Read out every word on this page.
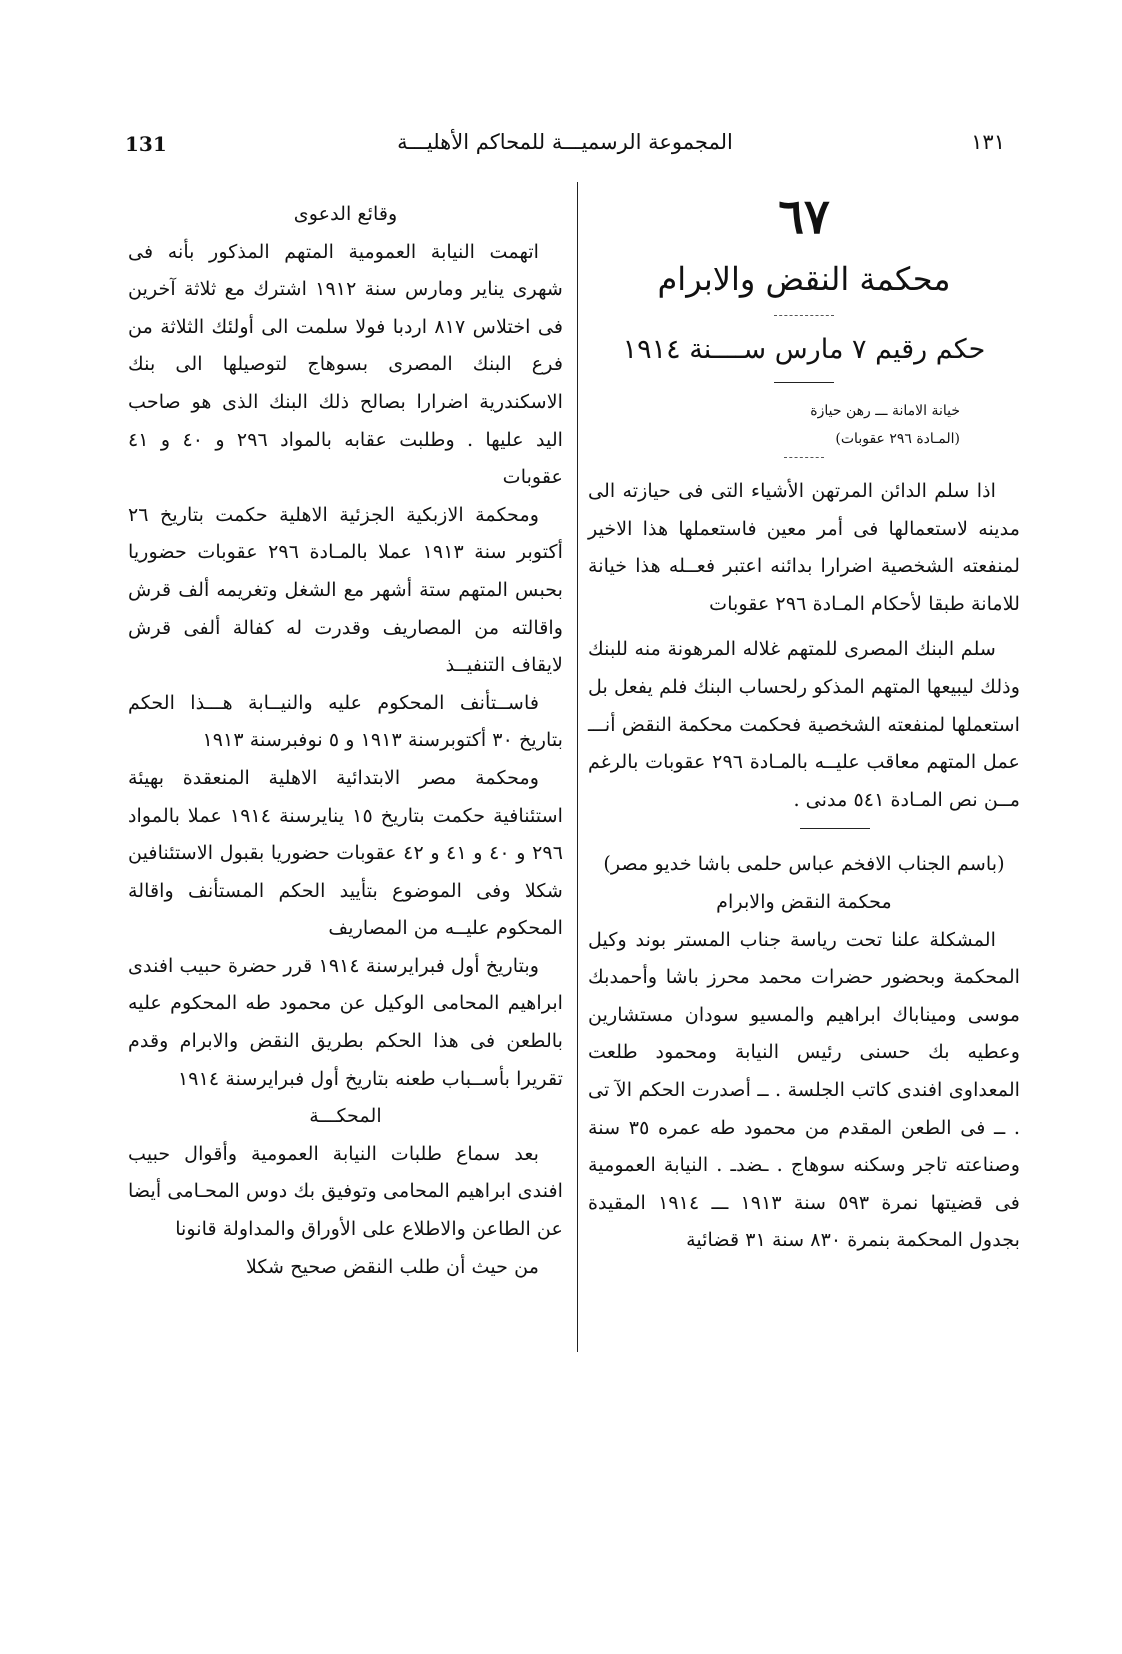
131	المجموعة الرسميـــة للمحاكم الأهليـــة	١٣١
٦٧
محكمة النقض والابرام
حكم رقيم ٧ مارس ســــنة ١٩١٤
خيانة الامانة ـــ رهن حيازة
(المـادة ٢٩٦ عقوبات)

اذا سلم الدائن المرتهن الأشياء التى فى حيازته الى مدينه لاستعمالها فى أمر معين فاستعملها هذا الاخير لمنفعته الشخصية اضرارا بدائنه اعتبر فعــله هذا خيانة للامانة طبقا لأحكام المـادة ٢٩٦ عقوبات

سلم البنك المصرى للمتهم غلاله المرهونة منه للبنك وذلك ليبيعها المتهم المذكو رلحساب البنك فلم يفعل بل استعملها لمنفعته الشخصية فحكمت محكمة النقض أنـــ عمل المتهم معاقب عليــه بالمـادة ٢٩٦ عقوبات بالرغم مــن نص المـادة ٥٤١ مدنى .

(باسم الجناب الافخم عباس حلمى باشا خديو مصر)

محكمة النقض والابرام

المشكلة علنا تحت رياسة جناب المستر بوند وكيل المحكمة وبحضور حضرات محمد محرز باشا وأحمدبك موسى وميناباك ابراهيم والمسيو سودان مستشارين وعطيه بك حسنى رئيس النيابة ومحمود طلعت المعداوى افندى كاتب الجلسة . ــ أصدرت الحكم الآ تى . ــ فى الطعن المقدم من محمود طه عمره ٣٥ سنة وصناعته تاجر وسكنه سوهاج . ـضدـ . النيابة العمومية فى قضيتها نمرة ٥٩٣ سنة ١٩١٣ ـــ ١٩١٤ المقيدة بجدول المحكمة بنمرة ٨٣٠ سنة ٣١ قضائية

وقائع الدعوى

اتهمت النيابة العمومية المتهم المذكور بأنه فى شهرى يناير ومارس سنة ١٩١٢ اشترك مع ثلاثة آخرين فى اختلاس ٨١٧ اردبا فولا سلمت الى أولئك الثلاثة من فرع البنك المصرى بسوهاج لتوصيلها الى بنك الاسكندرية اضرارا بصالح ذلك البنك الذى هو صاحب اليد عليها . وطلبت عقابه بالمواد ٢٩٦ و ٤٠ و ٤١ عقوبات

ومحكمة الازبكية الجزئية الاهلية حكمت بتاريخ ٢٦ أكتوبر سنة ١٩١٣ عملا بالمـادة ٢٩٦ عقوبات حضوريا بحبس المتهم ستة أشهر مع الشغل وتغريمه ألف قرش واقالته من المصاريف وقدرت له كفالة ألفى قرش لايقاف التنفيــذ

فاســتأنف المحكوم عليه والنيــابة هـــذا الحكم بتاريخ ٣٠ أكتوبرسنة ١٩١٣ و ٥ نوفبرسنة ١٩١٣

ومحكمة مصر الابتدائية الاهلية المنعقدة بهيئة استئنافية حكمت بتاريخ ١٥ ينايرسنة ١٩١٤ عملا بالمواد ٢٩٦ و ٤٠ و ٤١ و ٤٢ عقوبات حضوريا بقبول الاستئنافين شكلا وفى الموضوع بتأييد الحكم المستأنف واقالة المحكوم عليــه من المصاريف

وبتاريخ أول فبرايرسنة ١٩١٤ قرر حضرة حبيب افندى ابراهيم المحامى الوكيل عن محمود طه المحكوم عليه بالطعن فى هذا الحكم بطريق النقض والابرام وقدم تقريرا بأســباب طعنه بتاريخ أول فبرايرسنة ١٩١٤

المحكـــة

بعد سماع طلبات النيابة العمومية وأقوال حبيب افندى ابراهيم المحامى وتوفيق بك دوس المحـامى أيضا عن الطاعن والاطلاع على الأوراق والمداولة قانونا

من حيث أن طلب النقض صحيح شكلا
